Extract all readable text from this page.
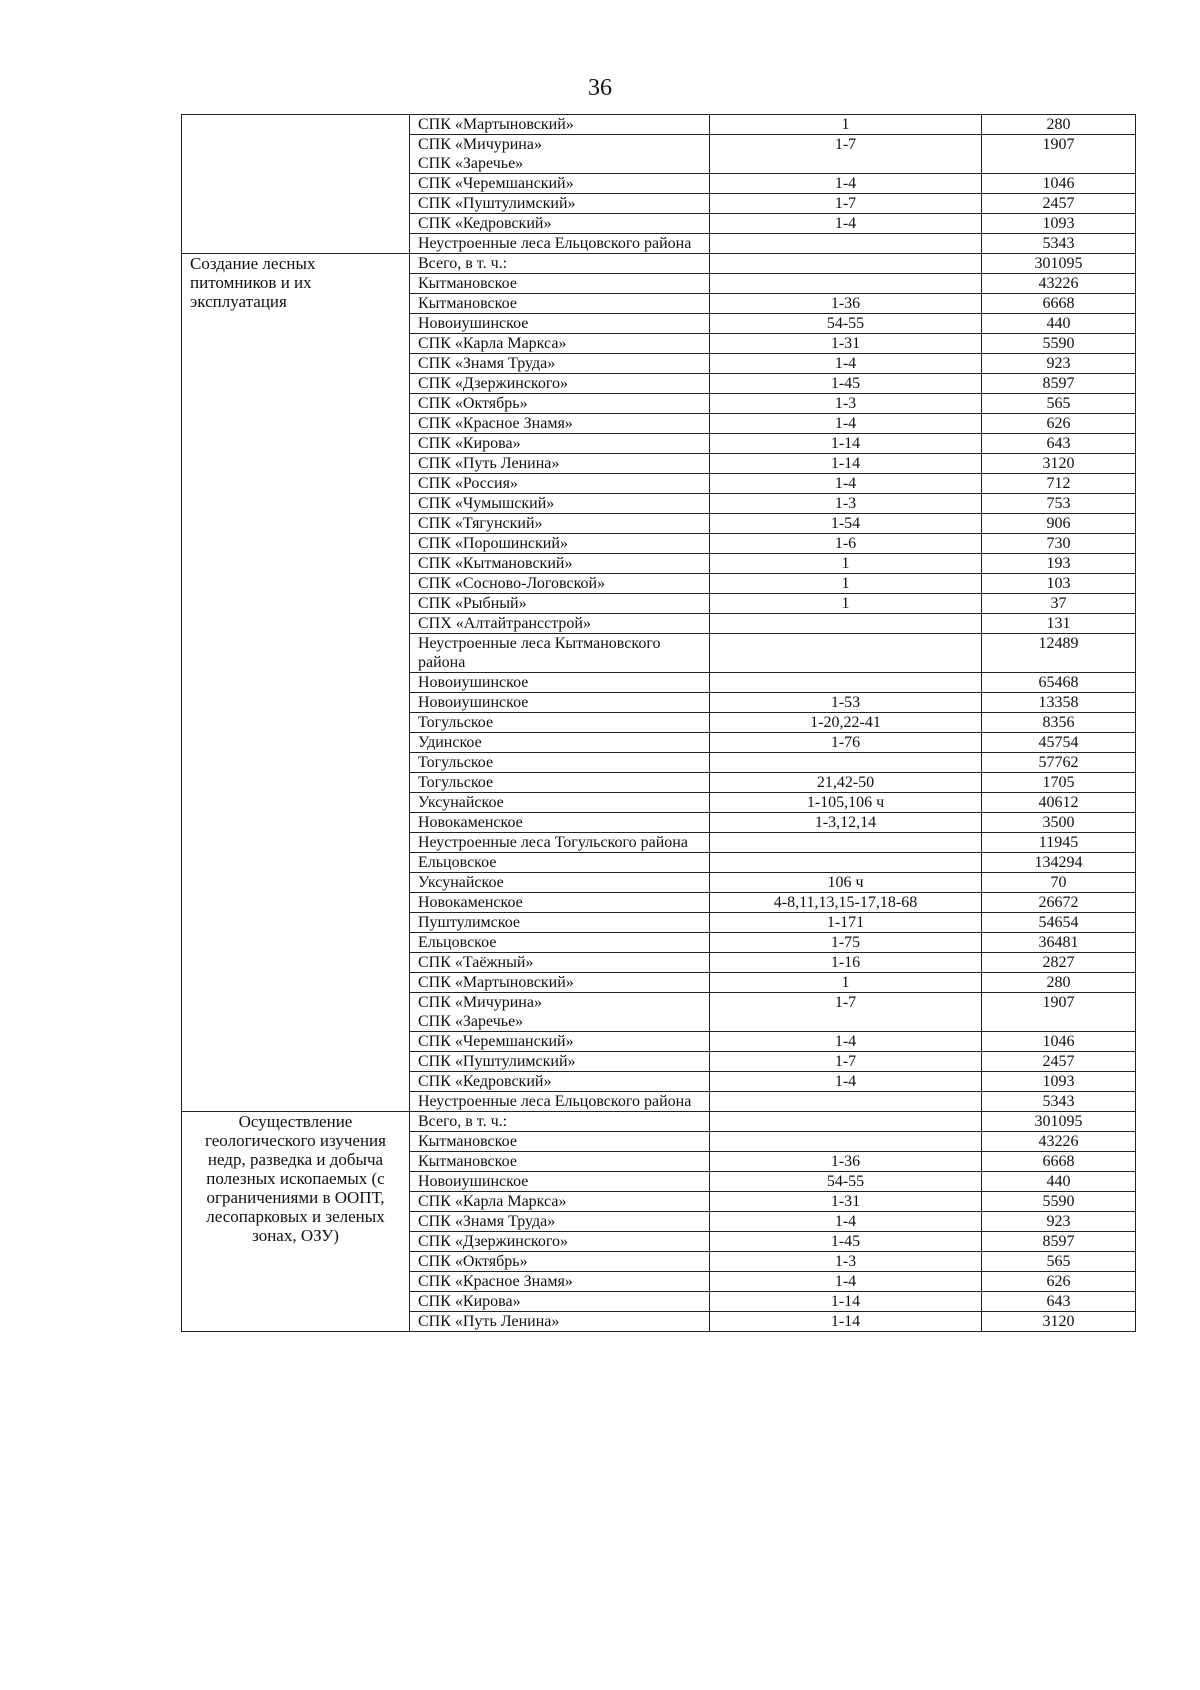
36

	СПК «Мартыновский»	1	280

	СПК «Мичурина»
СПК «Заречье»	1-7	1907

	СПК «Черемшанский»	1-4	1046

	СПК «Пуштулимский»	1-7	2457

	СПК «Кедровский»	1-4	1093

	Неустроенные леса Ельцовского района		5343
Создание лесных питомников и их эксплуатация	Всего, в т. ч.:		301095

	Кытмановское		43226

	Кытмановское	1-36	6668

	Новоиушинское	54-55	440

	СПК «Карла Маркса»	1-31	5590

	СПК «Знамя Труда»	1-4	923

	СПК «Дзержинского»	1-45	8597

	СПК «Октябрь»	1-3	565

	СПК «Красное Знамя»	1-4	626

	СПК «Кирова»	1-14	643

	СПК «Путь Ленина»	1-14	3120

	СПК «Россия»	1-4	712

	СПК «Чумышский»	1-3	753

	СПК «Тягунский»	1-54	906

	СПК «Порошинский»	1-6	730

	СПК «Кытмановский»	1	193

	СПК «Сосново-Логовской»	1	103

	СПК «Рыбный»	1	37

	СПХ «Алтайтрансстрой»		131

	Неустроенные леса Кытмановского района		12489

	Новоиушинское		65468

	Новоиушинское	1-53	13358

	Тогульское	1-20,22-41	8356

	Удинское	1-76	45754

	Тогульское		57762

	Тогульское	21,42-50	1705

	Уксунайское	1-105,106 ч	40612

	Новокаменское	1-3,12,14	3500

	Неустроенные леса Тогульского района		11945

	Ельцовское		134294

	Уксунайское	106 ч	70

	Новокаменское	4-8,11,13,15-17,18-68	26672

	Пуштулимское	1-171	54654

	Ельцовское	1-75	36481

	СПК «Таёжный»	1-16	2827

	СПК «Мартыновский»	1	280

	СПК «Мичурина»
СПК «Заречье»	1-7	1907

	СПК «Черемшанский»	1-4	1046

	СПК «Пуштулимский»	1-7	2457

	СПК «Кедровский»	1-4	1093

	Неустроенные леса Ельцовского района		5343
Осуществление геологического изучения недр, разведка и добыча полезных ископаемых (с ограничениями в ООПТ, лесопарковых и зеленых зонах, ОЗУ)	Всего, в т. ч.:		301095

	Кытмановское		43226

	Кытмановское	1-36	6668

	Новоиушинское	54-55	440

	СПК «Карла Маркса»	1-31	5590

	СПК «Знамя Труда»	1-4	923

	СПК «Дзержинского»	1-45	8597

	СПК «Октябрь»	1-3	565

	СПК «Красное Знамя»	1-4	626

	СПК «Кирова»	1-14	643

	СПК «Путь Ленина»	1-14	3120
